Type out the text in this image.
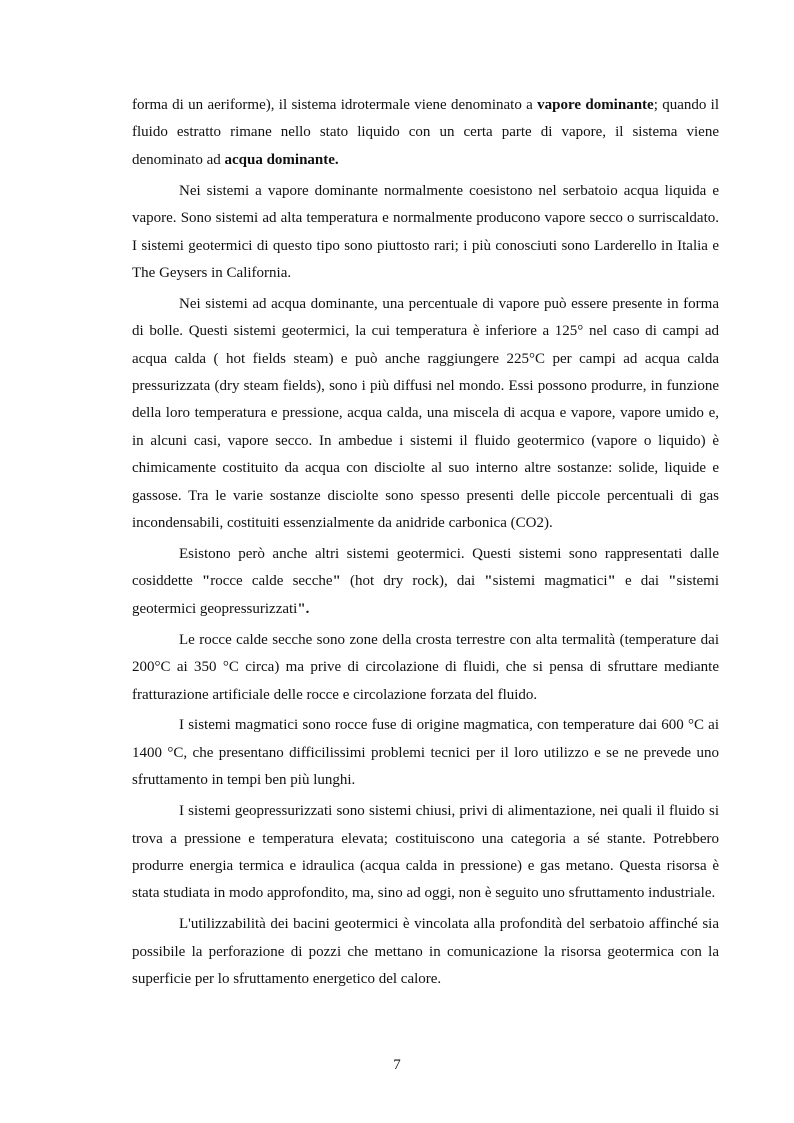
forma di un aeriforme), il sistema idrotermale viene denominato a vapore dominante; quando il fluido estratto rimane nello stato liquido con un certa parte di vapore, il sistema viene denominato ad acqua dominante.

Nei sistemi a vapore dominante normalmente coesistono nel serbatoio acqua liquida e vapore. Sono sistemi ad alta temperatura e normalmente producono vapore secco o surriscaldato. I sistemi geotermici di questo tipo sono piuttosto rari; i più conosciuti sono Larderello in Italia e The Geysers in California.

Nei sistemi ad acqua dominante, una percentuale di vapore può essere presente in forma di bolle. Questi sistemi geotermici, la cui temperatura è inferiore a 125° nel caso di campi ad acqua calda ( hot fields steam) e può anche raggiungere 225°C per campi ad acqua calda pressurizzata (dry steam fields), sono i più diffusi nel mondo. Essi possono produrre, in funzione della loro temperatura e pressione, acqua calda, una miscela di acqua e vapore, vapore umido e, in alcuni casi, vapore secco. In ambedue i sistemi il fluido geotermico (vapore o liquido) è chimicamente costituito da acqua con disciolte al suo interno altre sostanze: solide, liquide e gassose. Tra le varie sostanze disciolte sono spesso presenti delle piccole percentuali di gas incondensabili, costituiti essenzialmente da anidride carbonica (CO2).

Esistono però anche altri sistemi geotermici. Questi sistemi sono rappresentati dalle cosiddette "rocce calde secche" (hot dry rock), dai "sistemi magmatici" e dai "sistemi geotermici geopressurizzati".

Le rocce calde secche sono zone della crosta terrestre con alta termalità (temperature dai 200°C ai 350 °C circa) ma prive di circolazione di fluidi, che si pensa di sfruttare mediante fratturazione artificiale delle rocce e circolazione forzata del fluido.

I sistemi magmatici sono rocce fuse di origine magmatica, con temperature dai 600 °C ai 1400 °C, che presentano difficilissimi problemi tecnici per il loro utilizzo e se ne prevede uno sfruttamento in tempi ben più lunghi.

I sistemi geopressurizzati sono sistemi chiusi, privi di alimentazione, nei quali il fluido si trova a pressione e temperatura elevata; costituiscono una categoria a sé stante. Potrebbero produrre energia termica e idraulica (acqua calda in pressione) e gas metano. Questa risorsa è stata studiata in modo approfondito, ma, sino ad oggi, non è seguito uno sfruttamento industriale.

L'utilizzabilità dei bacini geotermici è vincolata alla profondità del serbatoio affinché sia possibile la perforazione di pozzi che mettano in comunicazione la risorsa geotermica con la superficie per lo sfruttamento energetico del calore.

7
